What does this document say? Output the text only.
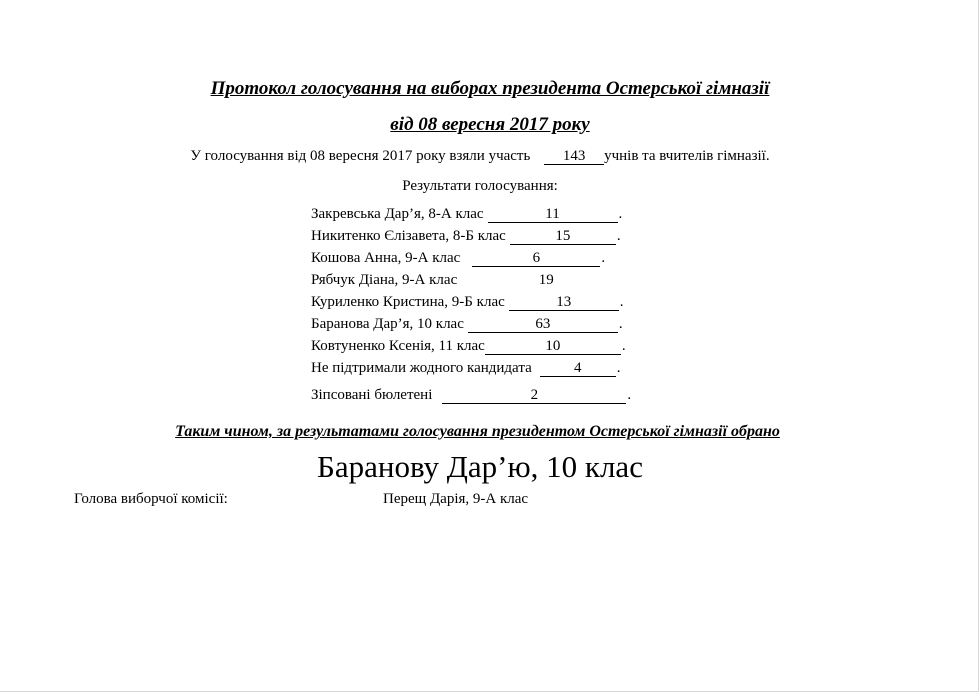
Протокол голосування на виборах президента Остерської гімназії
від 08 вересня 2017 року
У голосування від 08 вересня 2017 року взяли участь 143 учнів та вчителів гімназії.
Результати голосування:
Закревська Дар’я, 8-А клас	11	.
Никитенко Єлізавета, 8-Б клас	15	.
Кошова Анна, 9-А клас	6	.
Рябчук Діана, 9-А клас	19
Куриленко Кристина, 9-Б клас	13	.
Баранова Дар’я, 10 клас	63	.
Ковтуненко Ксенія, 11 клас	10	.
Не підтримали жодного кандидата	4 .
Зіпсовані бюлетені	2	.
Таким чином, за результатами голосування президентом Остерської гімназії обрано
Баранову Дар’ю, 10 клас
Голова виборчої комісії:	Перещ Дарія, 9-А клас
